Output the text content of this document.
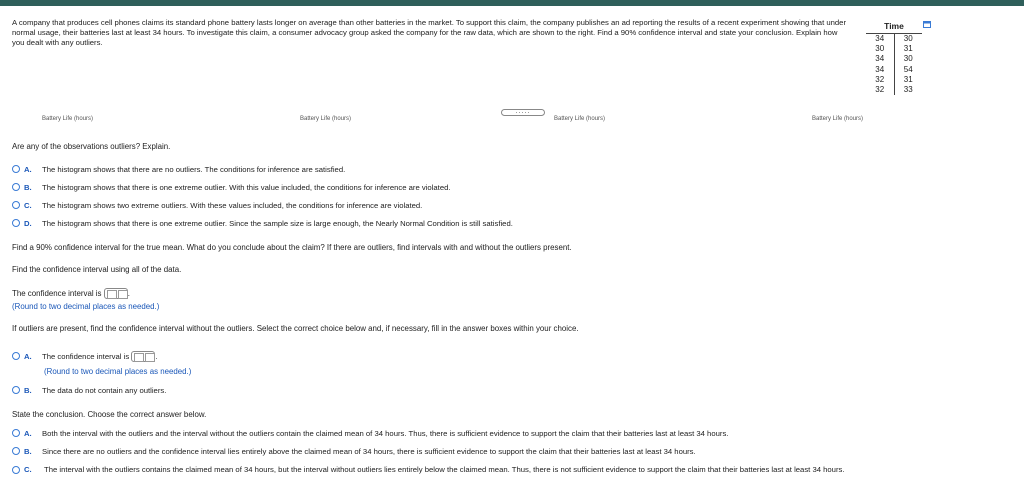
A company that produces cell phones claims its standard phone battery lasts longer on average than other batteries in the market. To support this claim, the company publishes an ad reporting the results of a recent experiment showing that under normal usage, their batteries last at least 34 hours. To investigate this claim, a consumer advocacy group asked the company for the raw data, which are shown to the right. Find a 90% confidence interval and state your conclusion. Explain how you dealt with any outliers.
Time	
34	30
30	31
34	30
34	54
32	31
32	33
Battery Life (hours)	Battery Life (hours)
.....
Battery Life (hours)	Battery Life (hours)
Are any of the observations outliers? Explain.
A. The histogram shows that there are no outliers. The conditions for inference are satisfied.
B. The histogram shows that there is one extreme outlier. With this value included, the conditions for inference are violated.
C. The histogram shows two extreme outliers. With these values included, the conditions for inference are violated.
D. The histogram shows that there is one extreme outlier. Since the sample size is large enough, the Nearly Normal Condition is still satisfied.
Find a 90% confidence interval for the true mean. What do you conclude about the claim? If there are outliers, find intervals with and without the outliers present.
Find the confidence interval using all of the data.
The confidence interval is	.
(Round to two decimal places as needed.)
If outliers are present, find the confidence interval without the outliers. Select the correct choice below and, if necessary, fill in the answer boxes within your choice.
A. The confidence interval is	.
(Round to two decimal places as needed.)
B. The data do not contain any outliers.
State the conclusion. Choose the correct answer below.
A. Both the interval with the outliers and the interval without the outliers contain the claimed mean of 34 hours. Thus, there is sufficient evidence to support the claim that their batteries last at least 34 hours.
B. Since there are no outliers and the confidence interval lies entirely above the claimed mean of 34 hours, there is sufficient evidence to support the claim that their batteries last at least 34 hours.
C.	The interval with the outliers contains the claimed mean of 34 hours, but the interval without outliers lies entirely below the claimed mean. Thus, there is not sufficient evidence to support the claim that their batteries last at least 34 hours.
